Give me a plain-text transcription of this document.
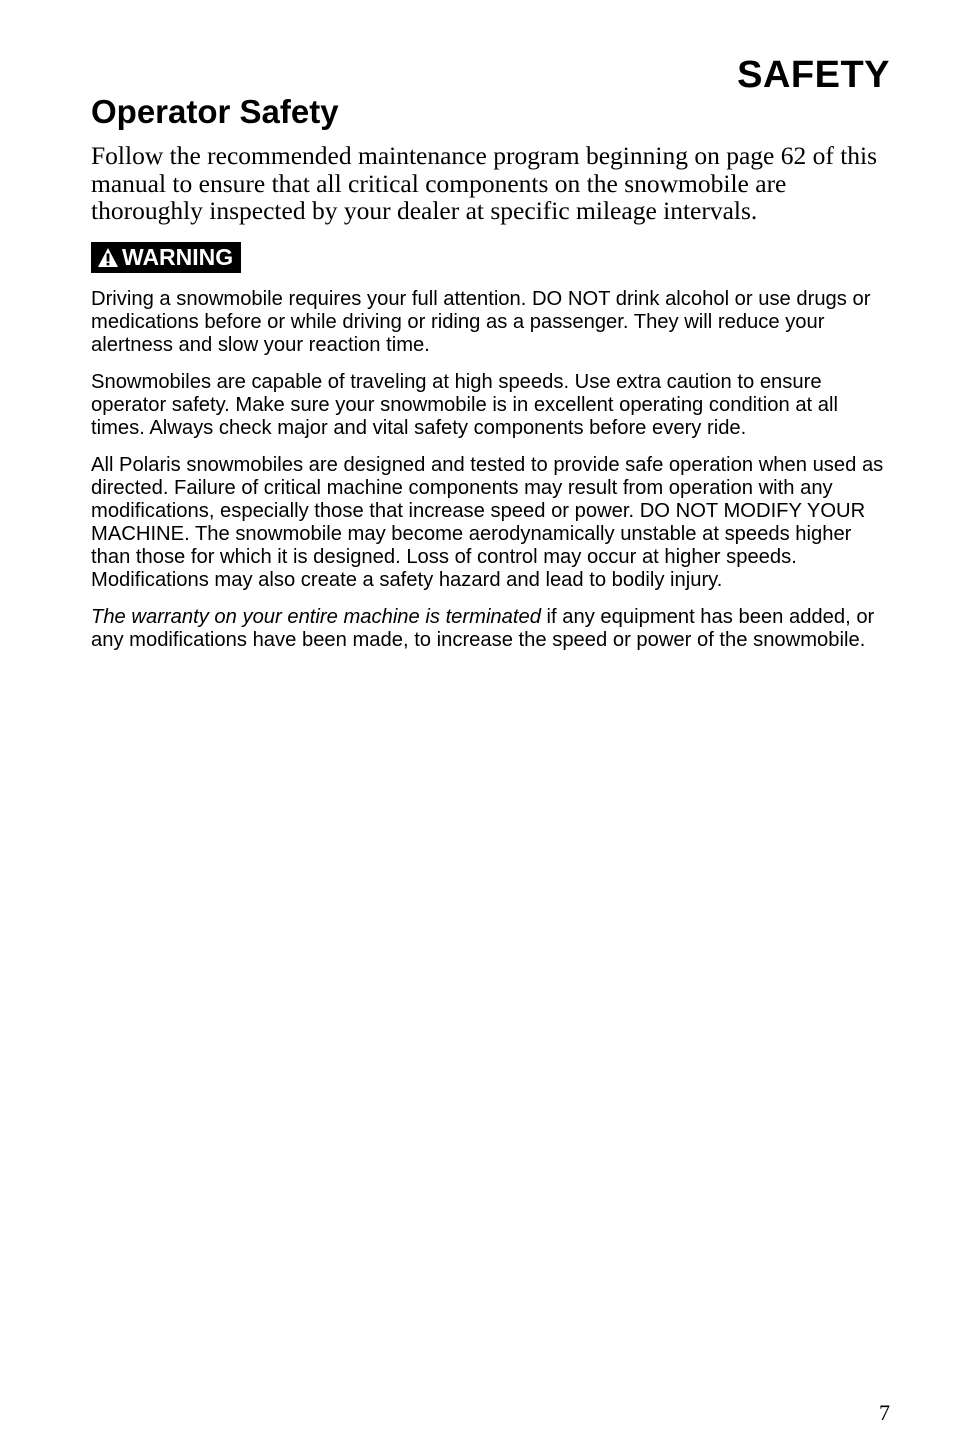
SAFETY
Operator Safety

Follow the recommended maintenance program beginning on page 62 of this manual to ensure that all critical components on the snowmobile are thoroughly inspected by your dealer at specific mileage intervals.

WARNING

Driving a snowmobile requires your full attention. DO NOT drink alcohol or use drugs or medications before or while driving or riding as a passenger. They will reduce your alertness and slow your reaction time.

Snowmobiles are capable of traveling at high speeds. Use extra caution to ensure operator safety. Make sure your snowmobile is in excellent operating condition at all times. Always check major and vital safety components before every ride.

All Polaris snowmobiles are designed and tested to provide safe operation when used as directed. Failure of critical machine components may result from operation with any modifications, especially those that increase speed or power. DO NOT MODIFY YOUR MACHINE. The snowmobile may become aerodynamically unstable at speeds higher than those for which it is designed. Loss of control may occur at higher speeds. Modifications may also create a safety hazard and lead to bodily injury.

The warranty on your entire machine is terminated if any equipment has been added, or any modifications have been made, to increase the speed or power of the snowmobile.

7
